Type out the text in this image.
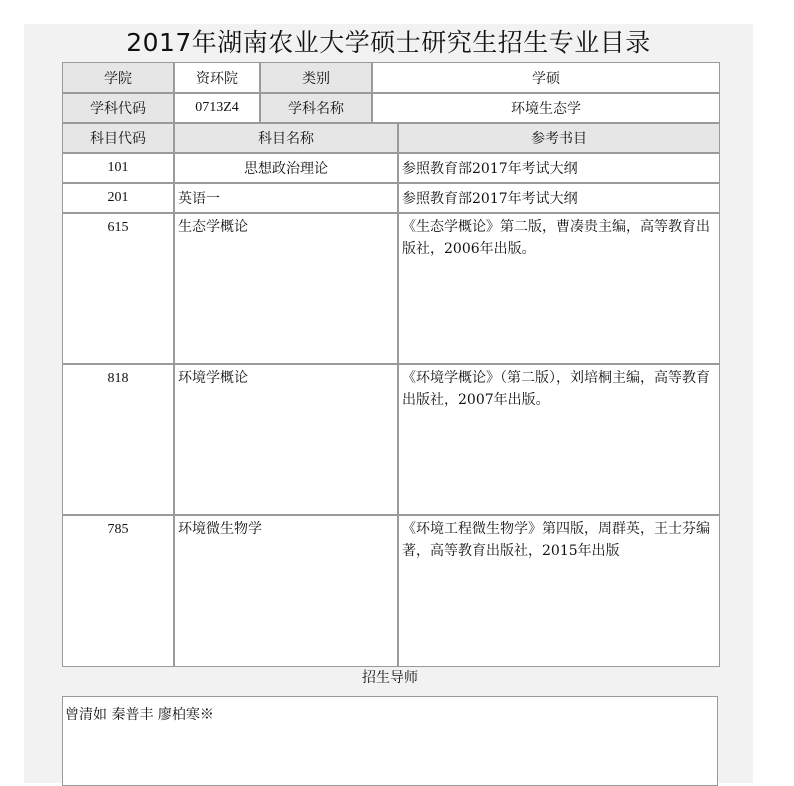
2017年湖南农业大学硕士研究生招生专业目录
学院	资环院	类别	学硕
学科代码	0713Z4	学科名称	环境生态学
科目代码	科目名称	参考书目
101	思想政治理论	参照教育部2017年考试大纲
201	英语一	参照教育部2017年考试大纲
615	生态学概论	《生态学概论》第二版，曹凑贵主编，高等教育出版社，2006年出版。
818	环境学概论	《环境学概论》（第二版），刘培桐主编，高等教育出版社，2007年出版。
785	环境微生物学	《环境工程微生物学》第四版，周群英，王士芬编著，高等教育出版社，2015年出版
招生导师
曾清如 秦普丰 廖柏寒※
